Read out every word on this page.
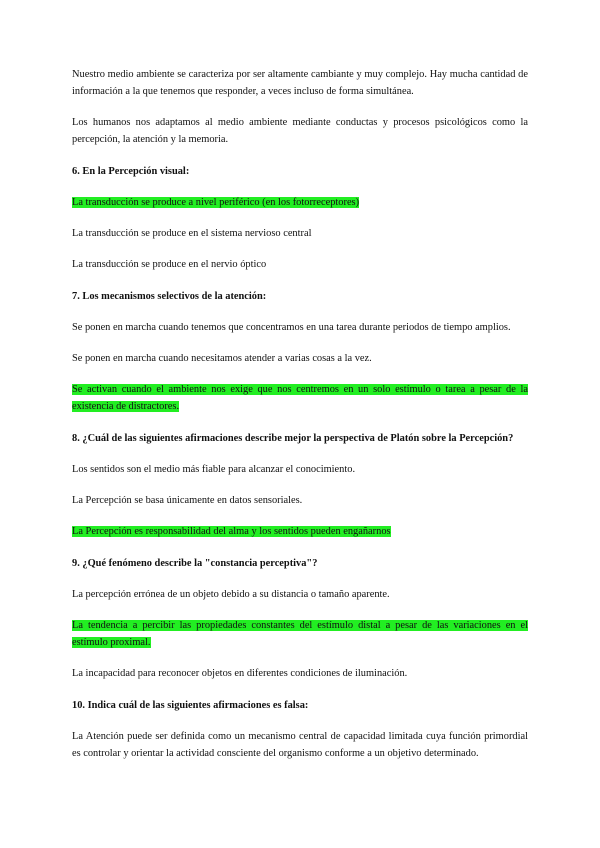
Nuestro medio ambiente se caracteriza por ser altamente cambiante y muy complejo. Hay mucha cantidad de información a la que tenemos que responder, a veces incluso de forma simultánea.

Los humanos nos adaptamos al medio ambiente mediante conductas y procesos psicológicos como la percepción, la atención y la memoria.

6. En la Percepción visual:

La transducción se produce a nivel periférico (en los fotorreceptores)

La transducción se produce en el sistema nervioso central

La transducción se produce en el nervio óptico

7. Los mecanismos selectivos de la atención:

Se ponen en marcha cuando tenemos que concentramos en una tarea durante periodos de tiempo amplios.

Se ponen en marcha cuando necesitamos atender a varias cosas a la vez.

Se activan cuando el ambiente nos exige que nos centremos en un solo estímulo o tarea a pesar de la existencia de distractores.

8. ¿Cuál de las siguientes afirmaciones describe mejor la perspectiva de Platón sobre la Percepción?

Los sentidos son el medio más fiable para alcanzar el conocimiento.

La Percepción se basa únicamente en datos sensoriales.

La Percepción es responsabilidad del alma y los sentidos pueden engañarnos

9. ¿Qué fenómeno describe la "constancia perceptiva"?

La percepción errónea de un objeto debido a su distancia o tamaño aparente.

La tendencia a percibir las propiedades constantes del estímulo distal a pesar de las variaciones en el estímulo proximal.

La incapacidad para reconocer objetos en diferentes condiciones de iluminación.

10. Indica cuál de las siguientes afirmaciones es falsa:

La Atención puede ser definida como un mecanismo central de capacidad limitada cuya función primordial es controlar y orientar la actividad consciente del organismo conforme a un objetivo determinado.
